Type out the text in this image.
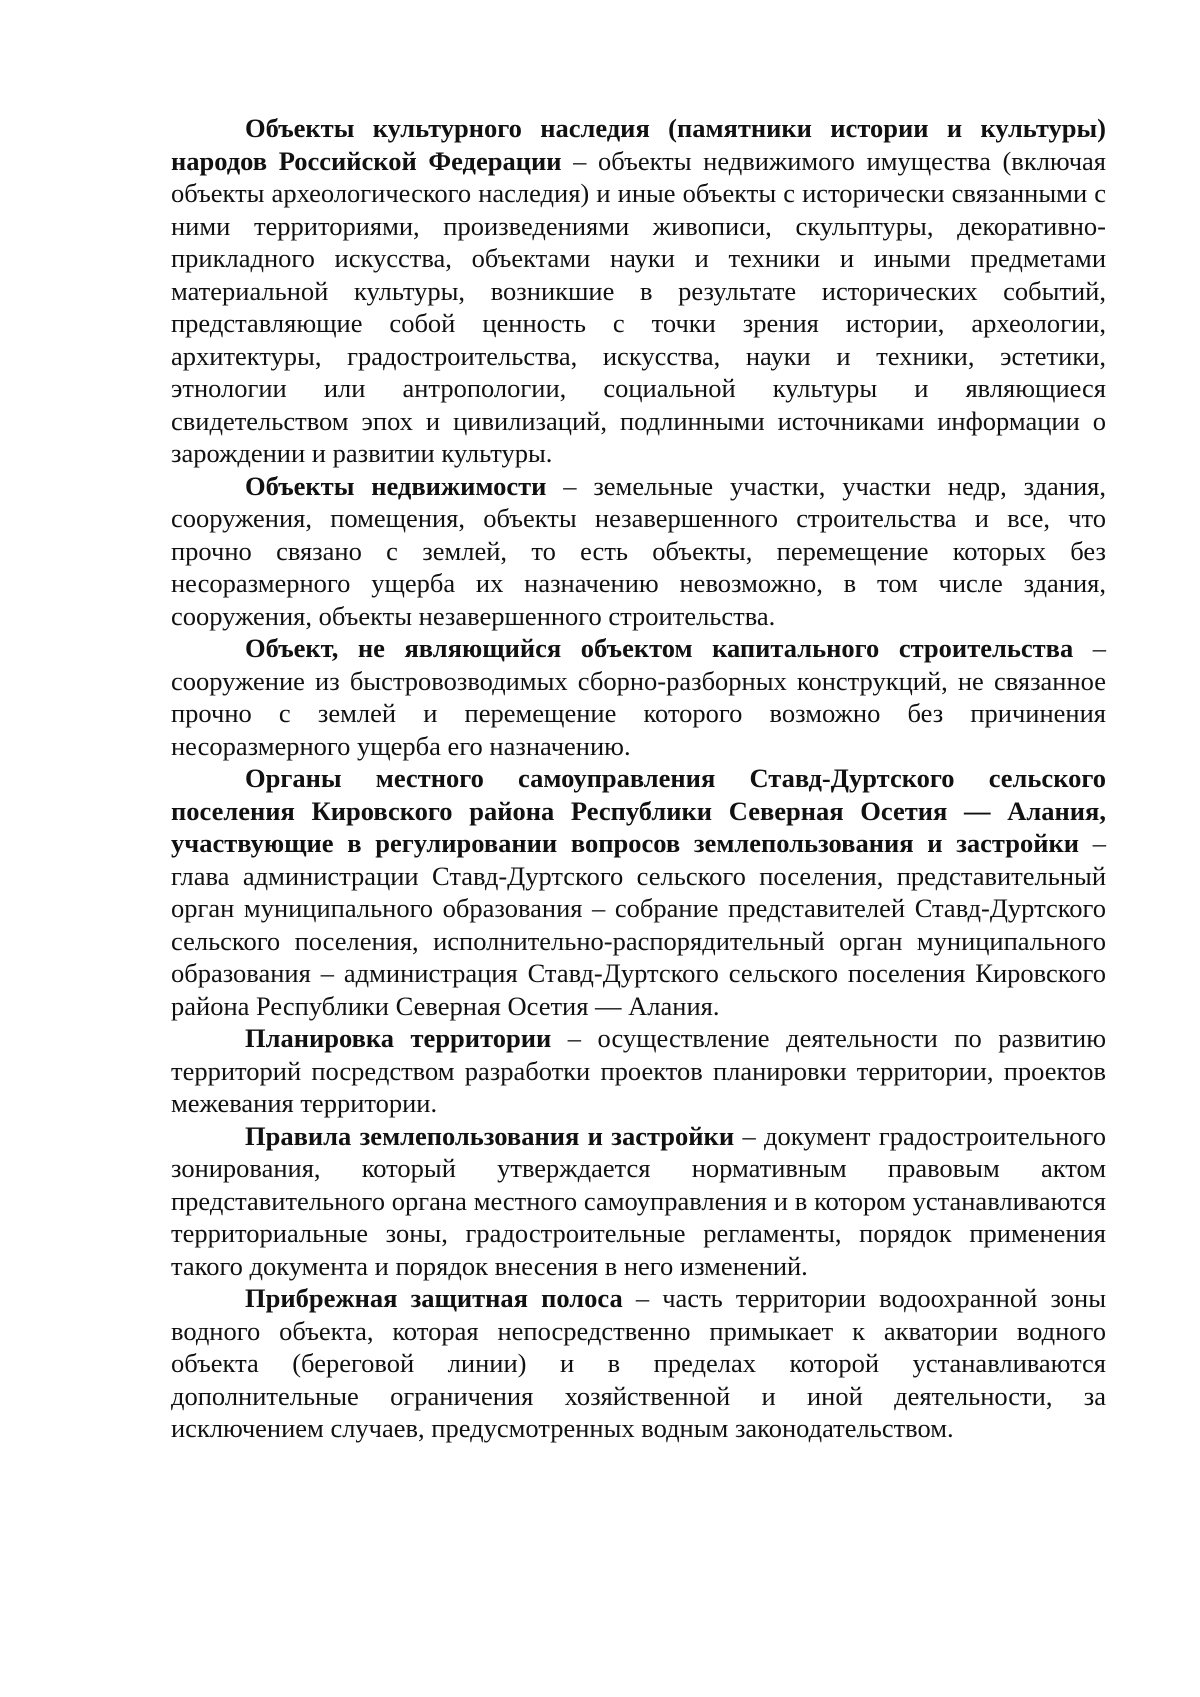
Объекты культурного наследия (памятники истории и культуры) народов Российской Федерации – объекты недвижимого имущества (включая объекты археологического наследия) и иные объекты с исторически связанными с ними территориями, произведениями живописи, скульптуры, декоративно-прикладного искусства, объектами науки и техники и иными предметами материальной культуры, возникшие в результате исторических событий, представляющие собой ценность с точки зрения истории, археологии, архитектуры, градостроительства, искусства, науки и техники, эстетики, этнологии или антропологии, социальной культуры и являющиеся свидетельством эпох и цивилизаций, подлинными источниками информации о зарождении и развитии культуры.

Объекты недвижимости – земельные участки, участки недр, здания, сооружения, помещения, объекты незавершенного строительства и все, что прочно связано с землей, то есть объекты, перемещение которых без несоразмерного ущерба их назначению невозможно, в том числе здания, сооружения, объекты незавершенного строительства.

Объект, не являющийся объектом капитального строительства – сооружение из быстровозводимых сборно-разборных конструкций, не связанное прочно с землей и перемещение которого возможно без причинения несоразмерного ущерба его назначению.

Органы местного самоуправления Ставд-Дуртского сельского поселения Кировского района Республики Северная Осетия — Алания, участвующие в регулировании вопросов землепользования и застройки – глава администрации Ставд-Дуртского сельского поселения, представительный орган муниципального образования – собрание представителей Ставд-Дуртского сельского поселения, исполнительно-распорядительный орган муниципального образования – администрация Ставд-Дуртского сельского поселения Кировского района Республики Северная Осетия — Алания.

Планировка территории – осуществление деятельности по развитию территорий посредством разработки проектов планировки территории, проектов межевания территории.

Правила землепользования и застройки – документ градостроительного зонирования, который утверждается нормативным правовым актом представительного органа местного самоуправления и в котором устанавливаются территориальные зоны, градостроительные регламенты, порядок применения такого документа и порядок внесения в него изменений.

Прибрежная защитная полоса – часть территории водоохранной зоны водного объекта, которая непосредственно примыкает к акватории водного объекта (береговой линии) и в пределах которой устанавливаются дополнительные ограничения хозяйственной и иной деятельности, за исключением случаев, предусмотренных водным законодательством.
